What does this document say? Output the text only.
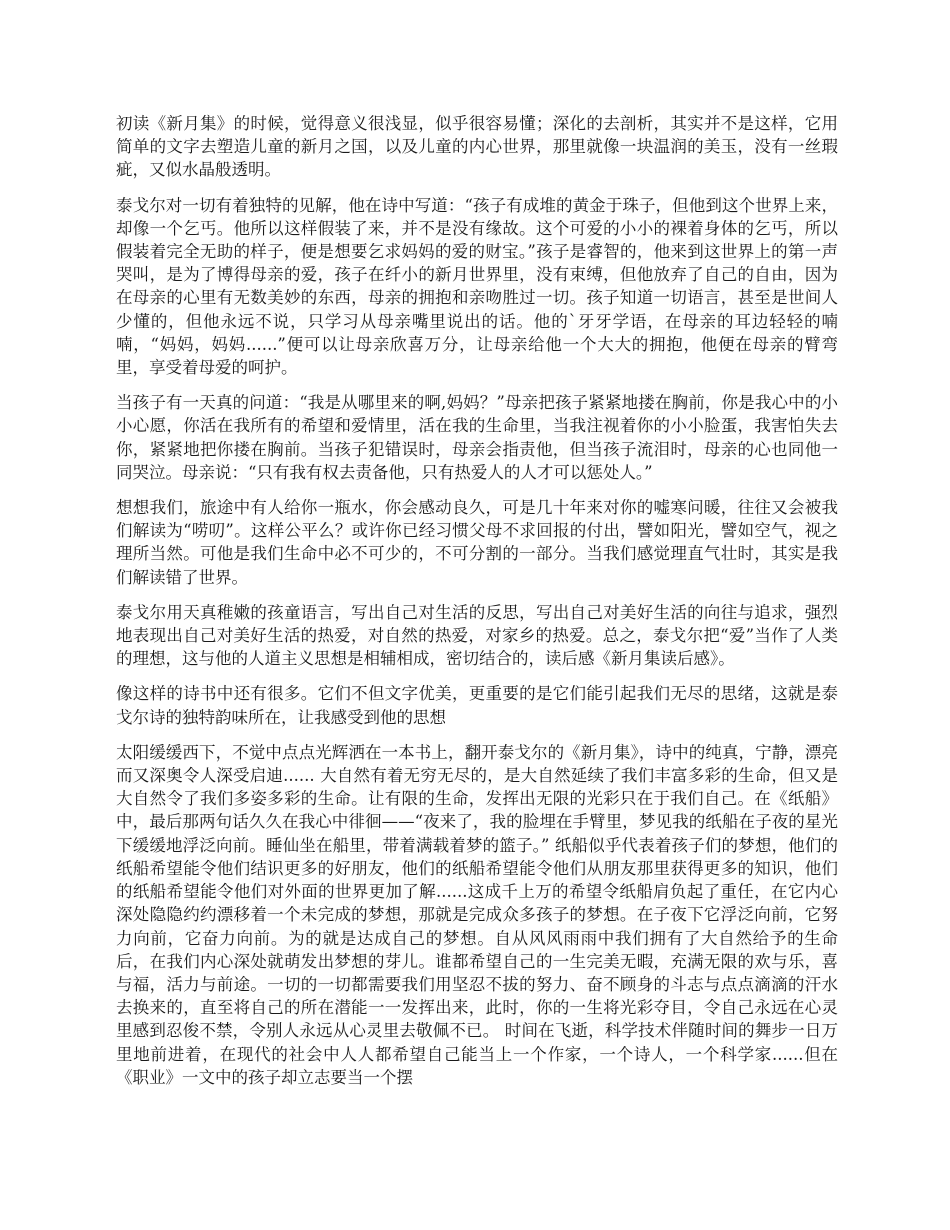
初读《新月集》的时候，觉得意义很浅显，似乎很容易懂；深化的去剖析，其实并不是这样，它用简单的文字去塑造儿童的新月之国，以及儿童的内心世界，那里就像一块温润的美玉，没有一丝瑕疵，又似水晶般透明。

泰戈尔对一切有着独特的见解，他在诗中写道：“孩子有成堆的黄金于珠子，但他到这个世界上来，却像一个乞丐。他所以这样假装了来，并不是没有缘故。这个可爱的小小的裸着身体的乞丐，所以假装着完全无助的样子，便是想要乞求妈妈的爱的财宝。”孩子是睿智的，他来到这世界上的第一声哭叫，是为了博得母亲的爱，孩子在纤小的新月世界里，没有束缚，但他放弃了自己的自由，因为在母亲的心里有无数美妙的东西，母亲的拥抱和亲吻胜过一切。孩子知道一切语言，甚至是世间人少懂的，但他永远不说，只学习从母亲嘴里说出的话。他的`牙牙学语，在母亲的耳边轻轻的喃喃，“妈妈，妈妈......”便可以让母亲欣喜万分，让母亲给他一个大大的拥抱，他便在母亲的臂弯里，享受着母爱的呵护。

当孩子有一天真的问道：“我是从哪里来的啊,妈妈？”母亲把孩子紧紧地搂在胸前，你是我心中的小小心愿，你活在我所有的希望和爱情里，活在我的生命里，当我注视着你的小小脸蛋，我害怕失去你，紧紧地把你搂在胸前。当孩子犯错误时，母亲会指责他，但当孩子流泪时，母亲的心也同他一同哭泣。母亲说：“只有我有权去责备他，只有热爱人的人才可以惩处人。”

想想我们，旅途中有人给你一瓶水，你会感动良久，可是几十年来对你的嘘寒问暖，往往又会被我们解读为“唠叨”。这样公平么？或许你已经习惯父母不求回报的付出，譬如阳光，譬如空气，视之理所当然。可他是我们生命中必不可少的，不可分割的一部分。当我们感觉理直气壮时，其实是我们解读错了世界。

泰戈尔用天真稚嫩的孩童语言，写出自己对生活的反思，写出自己对美好生活的向往与追求，强烈地表现出自己对美好生活的热爱，对自然的热爱，对家乡的热爱。总之，泰戈尔把“爱”当作了人类的理想，这与他的人道主义思想是相辅相成，密切结合的，读后感《新月集读后感》。

像这样的诗书中还有很多。它们不但文字优美，更重要的是它们能引起我们无尽的思绪，这就是泰戈尔诗的独特韵味所在，让我感受到他的思想

太阳缓缓西下，不觉中点点光辉洒在一本书上，翻开泰戈尔的《新月集》，诗中的纯真，宁静，漂亮而又深奥令人深受启迪...... 大自然有着无穷无尽的，是大自然延续了我们丰富多彩的生命，但又是大自然令了我们多姿多彩的生命。让有限的生命，发挥出无限的光彩只在于我们自己。在《纸船》中，最后那两句话久久在我心中徘徊——“夜来了，我的脸埋在手臂里，梦见我的纸船在子夜的星光下缓缓地浮泛向前。睡仙坐在船里，带着满载着梦的篮子。” 纸船似乎代表着孩子们的梦想，他们的纸船希望能令他们结识更多的好朋友，他们的纸船希望能令他们从朋友那里获得更多的知识，他们的纸船希望能令他们对外面的世界更加了解......这成千上万的希望令纸船肩负起了重任，在它内心深处隐隐约约漂移着一个未完成的梦想，那就是完成众多孩子的梦想。在子夜下它浮泛向前，它努力向前，它奋力向前。为的就是达成自己的梦想。自从风风雨雨中我们拥有了大自然给予的生命后，在我们内心深处就萌发出梦想的芽儿。谁都希望自己的一生完美无暇，充满无限的欢与乐，喜与福，活力与前途。一切的一切都需要我们用坚忍不拔的努力、奋不顾身的斗志与点点滴滴的汗水去换来的，直至将自己的所在潜能一一发挥出来，此时，你的一生将光彩夺目，令自己永远在心灵里感到忍俊不禁，令别人永远从心灵里去敬佩不已。 时间在飞逝，科学技术伴随时间的舞步一日万里地前进着，在现代的社会中人人都希望自己能当上一个作家，一个诗人，一个科学家......但在《职业》一文中的孩子却立志要当一个摆
